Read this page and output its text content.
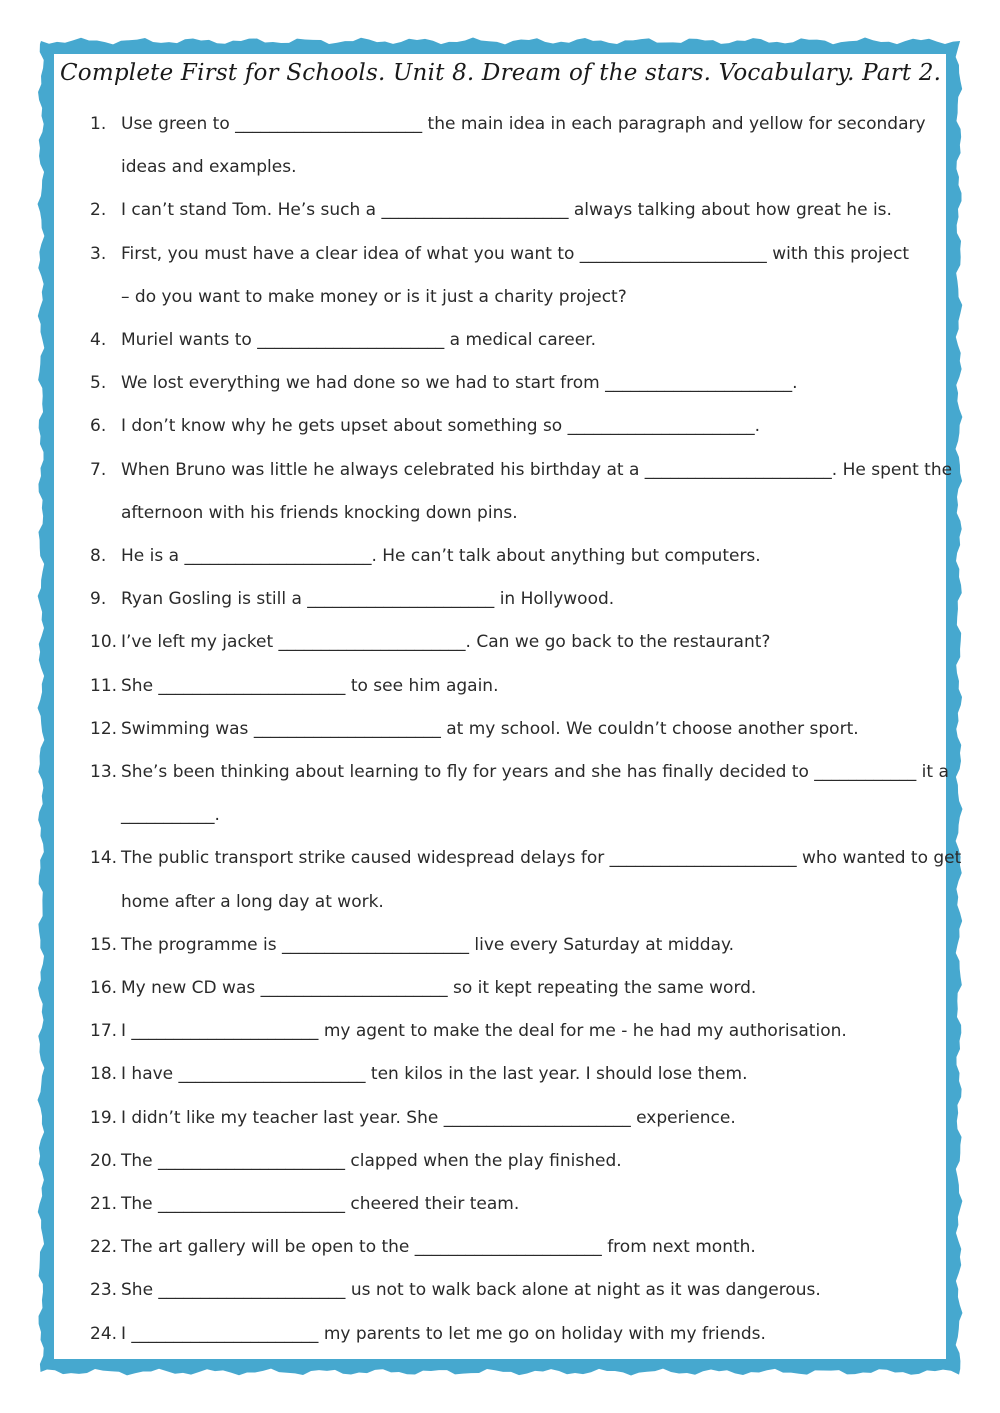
Complete First for Schools. Unit 8. Dream of the stars. Vocabulary. Part 2.
1. Use green to ______________________ the main idea in each paragraph and yellow for secondary
ideas and examples.
2. I can’t stand Tom. He’s such a ______________________ always talking about how great he is.
3. First, you must have a clear idea of what you want to ______________________ with this project
– do you want to make money or is it just a charity project?
4. Muriel wants to ______________________ a medical career.
5. We lost everything we had done so we had to start from ______________________.
6. I don’t know why he gets upset about something so ______________________.
7. When Bruno was little he always celebrated his birthday at a ______________________. He spent the
afternoon with his friends knocking down pins.
8. He is a ______________________. He can’t talk about anything but computers.
9. Ryan Gosling is still a ______________________ in Hollywood.
10. I’ve left my jacket ______________________. Can we go back to the restaurant?
11. She ______________________ to see him again.
12. Swimming was ______________________ at my school. We couldn’t choose another sport.
13. She’s been thinking about learning to fly for years and she has finally decided to ____________ it a
___________.
14. The public transport strike caused widespread delays for ______________________ who wanted to get
home after a long day at work.
15. The programme is ______________________ live every Saturday at midday.
16. My new CD was ______________________ so it kept repeating the same word.
17. I ______________________ my agent to make the deal for me - he had my authorisation.
18. I have ______________________ ten kilos in the last year. I should lose them.
19. I didn’t like my teacher last year. She ______________________ experience.
20. The ______________________ clapped when the play finished.
21. The ______________________ cheered their team.
22. The art gallery will be open to the ______________________ from next month.
23. She ______________________ us not to walk back alone at night as it was dangerous.
24. I ______________________ my parents to let me go on holiday with my friends.
